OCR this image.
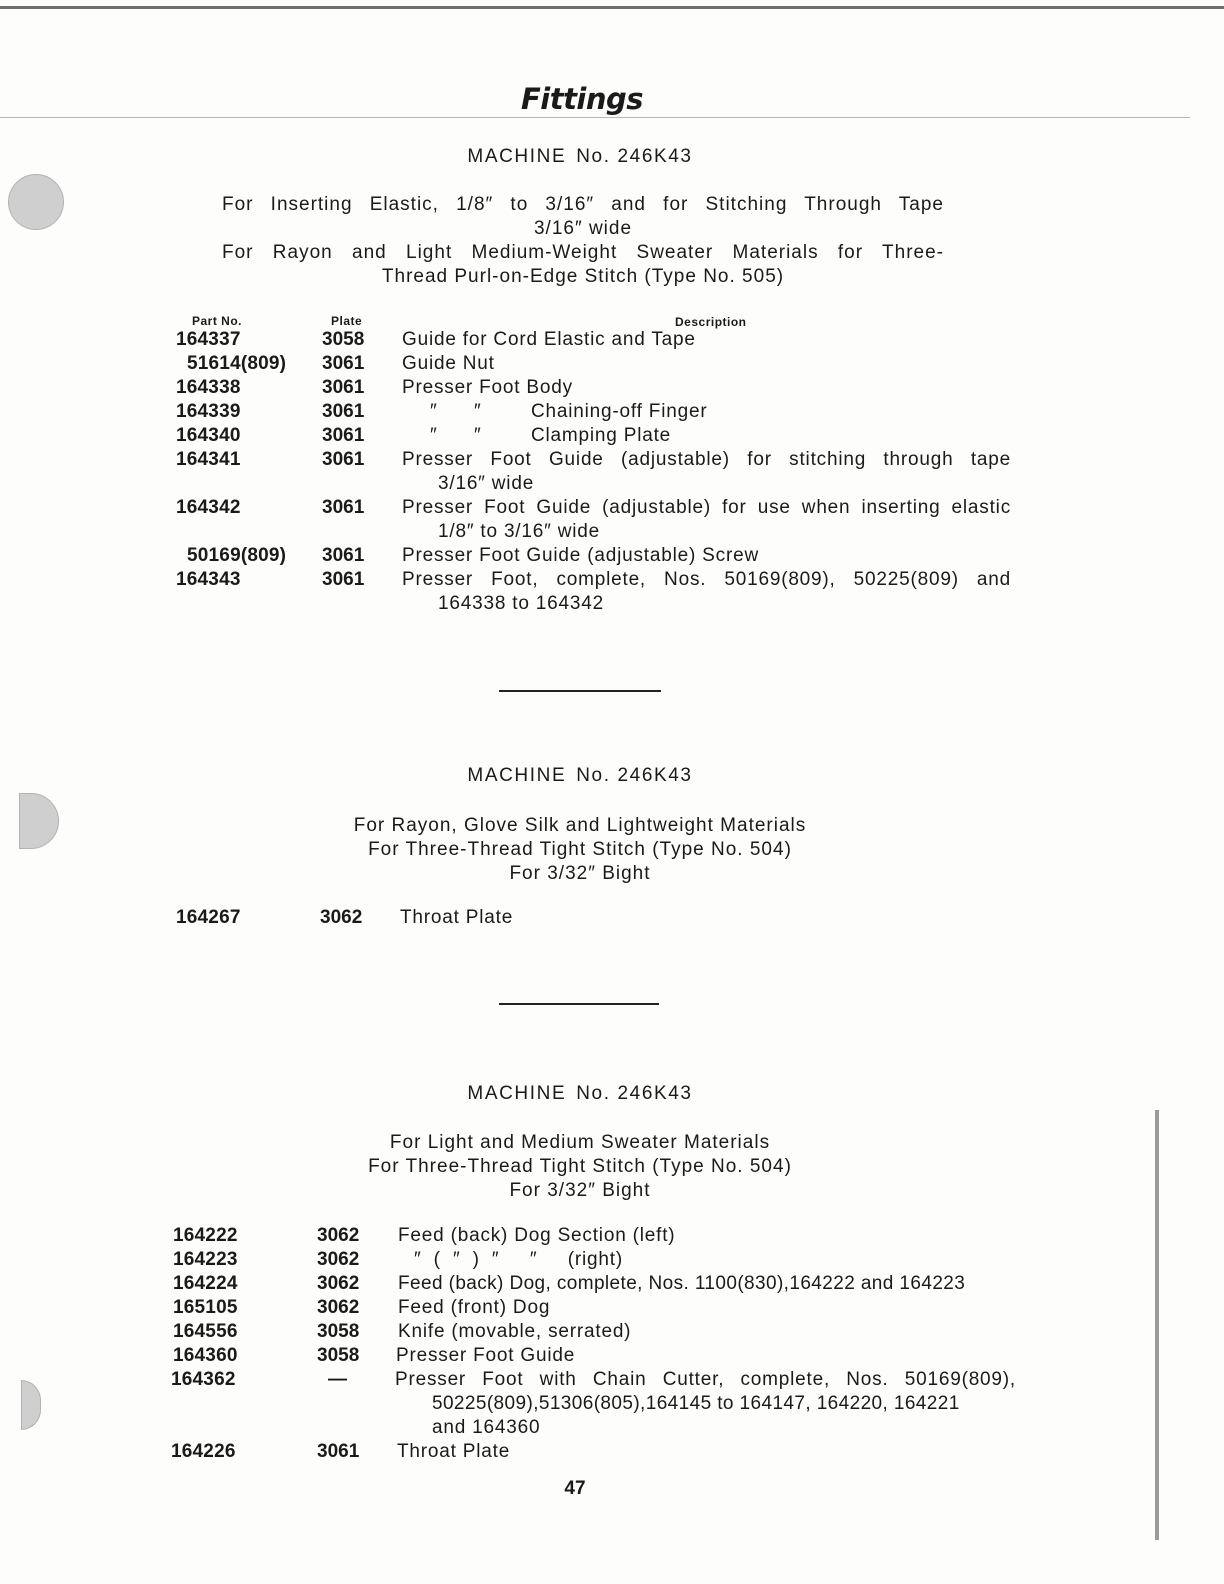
Fittings
MACHINE No. 246K43
For Inserting Elastic, 1/8″ to 3/16″ and for Stitching Through Tape
3/16″ wide
For Rayon and Light Medium-Weight Sweater Materials for Three-
Thread Purl-on-Edge Stitch (Type No. 505)
Part No.	Plate	Description
164337	3058 Guide for Cord Elastic and Tape
51614(809) 3061 Guide Nut
164338	3061 Presser Foot Body
164339	3061	″      ″	Chaining-off Finger
164340	3061	″      ″	Clamping Plate
164341	3061 Presser Foot Guide (adjustable) for stitching through tape
3/16″ wide
164342	3061 Presser Foot Guide (adjustable) for use when inserting elastic
1/8″ to 3/16″ wide
50169(809) 3061 Presser Foot Guide (adjustable) Screw
164343	3061 Presser Foot, complete, Nos. 50169(809), 50225(809) and
164338 to 164342
MACHINE No. 246K43
For Rayon, Glove Silk and Lightweight Materials
For Three-Thread Tight Stitch (Type No. 504)
For 3/32″ Bight
164267	3062 Throat Plate
MACHINE No. 246K43
For Light and Medium Sweater Materials
For Three-Thread Tight Stitch (Type No. 504)
For 3/32″ Bight
164222	3062 Feed (back) Dog Section (left)
164223	3062	″  (  ″  )  ″     ″     (right)
164224	3062 Feed (back) Dog, complete, Nos. 1100(830),164222 and 164223
165105	3062 Feed (front) Dog
164556	3058 Knife (movable, serrated)
164360	3058 Presser Foot Guide
164362	—	Presser Foot with Chain Cutter, complete, Nos. 50169(809),
50225(809),51306(805),164145 to 164147, 164220, 164221
and 164360
164226	3061 Throat Plate
47
